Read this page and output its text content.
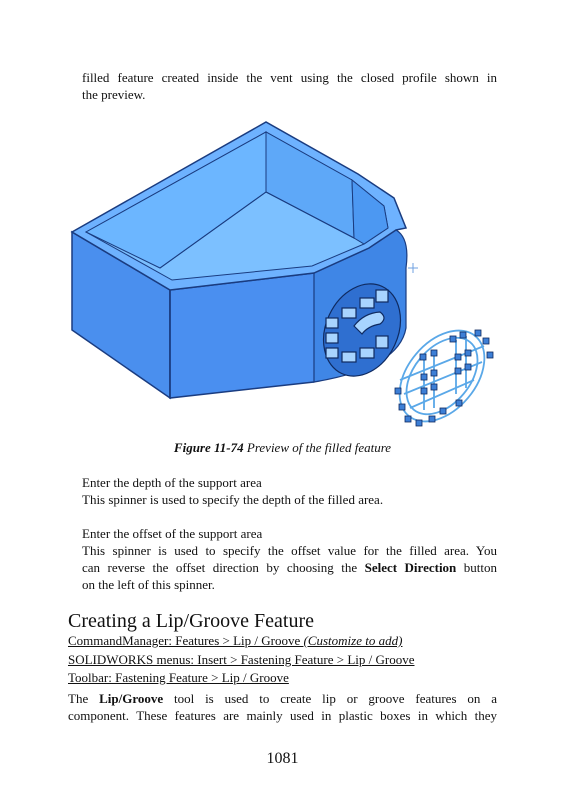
filled feature created inside the vent using the closed profile shown in
the preview.
Figure 11-74 Preview of the filled feature
Enter the depth of the support area
This spinner is used to specify the depth of the filled area.
Enter the offset of the support area
This spinner is used to specify the offset value for the filled area. You
can reverse the offset direction by choosing the Select Direction button
on the left of this spinner.
Creating a Lip/Groove Feature
CommandManager: Features > Lip / Groove (Customize to add)
SOLIDWORKS menus: Insert > Fastening Feature > Lip / Groove
Toolbar: Fastening Feature > Lip / Groove
The Lip/Groove tool is used to create lip or groove features on a
component. These features are mainly used in plastic boxes in which they
1081
